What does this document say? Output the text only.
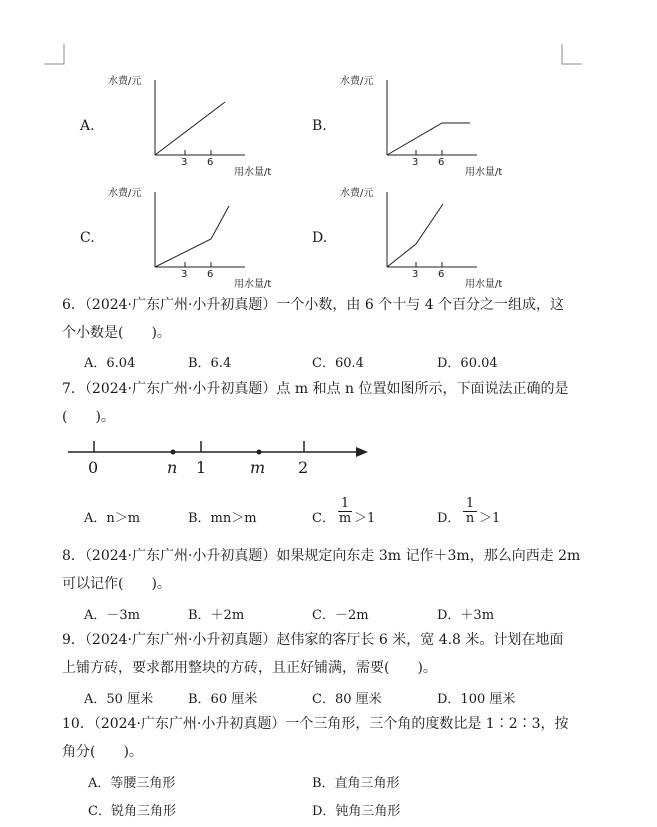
A.
水费/元
用水量/t
3 6
B.
水费/元
用水量/t
3 6
C.
水费/元
用水量/t
3 6
D.
水费/元
用水量/t
3 6
6．（2024·广东广州·小升初真题）一个小数，由 6 个十与 4 个百分之一组成，这
个小数是(　　)。
A．6.04	B．6.4	C．60.4	D．60.04
7．（2024·广东广州·小升初真题）点 m 和点 n 位置如图所示，下面说法正确的是
(　　)。
0	n 1	m 2
A．n＞m	B．mn＞m	C． $\frac{1}{m} >1$	D． $\frac{1}{n} >1$
8．（2024·广东广州·小升初真题）如果规定向东走 3m 记作＋3m，那么向西走 2m
可以记作(　　)。
A．－3m	B．＋2m	C．－2m	D．＋3m
9．（2024·广东广州·小升初真题）赵伟家的客厅长 6 米，宽 4.8 米。计划在地面
上铺方砖，要求都用整块的方砖，且正好铺满，需要(　　)。
A．50 厘米	B．60 厘米	C．80 厘米	D．100 厘米
10．（2024·广东广州·小升初真题）一个三角形，三个角的度数比是 1∶2∶3，按
角分(　　)。
A．等腰三角形	B．直角三角形
C．锐角三角形	D．钝角三角形
